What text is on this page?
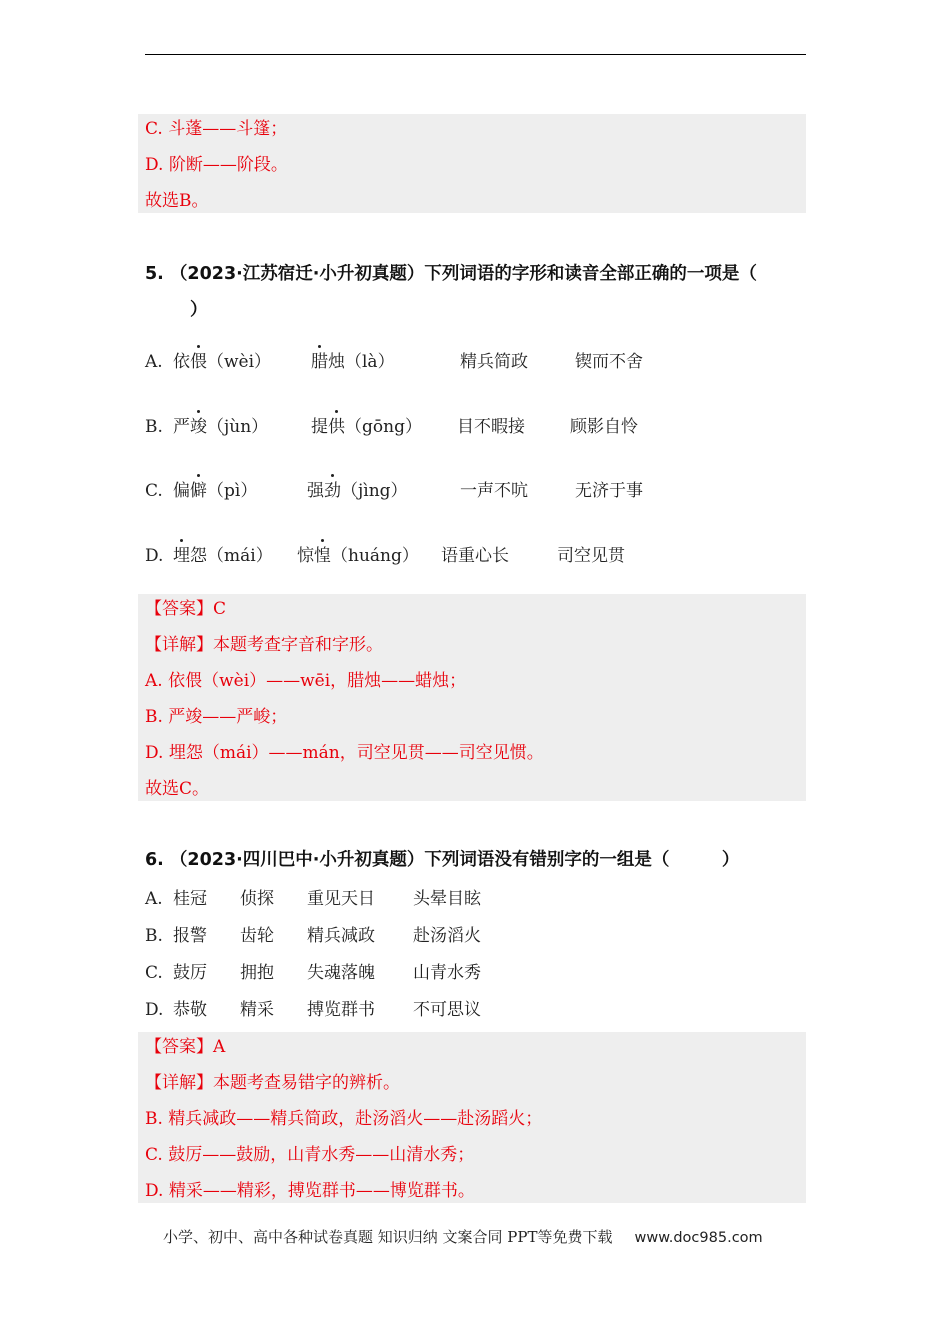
C. 斗蓬——斗篷；
D. 阶断——阶段。
故选B。
5. （2023·江苏宿迁·小升初真题）下列词语的字形和读音全部正确的一项是（
）
A. 依偎（wèi） 腊烛（là）	精兵简政	锲而不舍
B. 严竣（jùn）	提供（gōng） 目不暇接	顾影自怜
C. 偏僻（pì）	强劲（jìng）	一声不吭	无济于事
D. 埋怨（mái） 惊惶（huáng） 语重心长	司空见贯
【答案】C
【详解】本题考查字音和字形。
A. 依偎（wèi）——wēi，腊烛——蜡烛；
B. 严竣——严峻；
D. 埋怨（mái）——mán，司空见贯——司空见惯。
故选C。
6. （2023·四川巴中·小升初真题）下列词语没有错别字的一组是（　　　）
A. 桂冠 侦探 重见天日 头晕目眩
B. 报警 齿轮 精兵减政 赴汤滔火
C. 鼓厉 拥抱 失魂落魄 山青水秀
D. 恭敬 精采 搏览群书 不可思议
【答案】A
【详解】本题考查易错字的辨析。
B. 精兵减政——精兵简政，赴汤滔火——赴汤蹈火；
C. 鼓厉——鼓励，山青水秀——山清水秀；
D. 精采——精彩，搏览群书——博览群书。
小学、初中、高中各种试卷真题 知识归纳 文案合同 PPT等免费下载 www.doc985.com
